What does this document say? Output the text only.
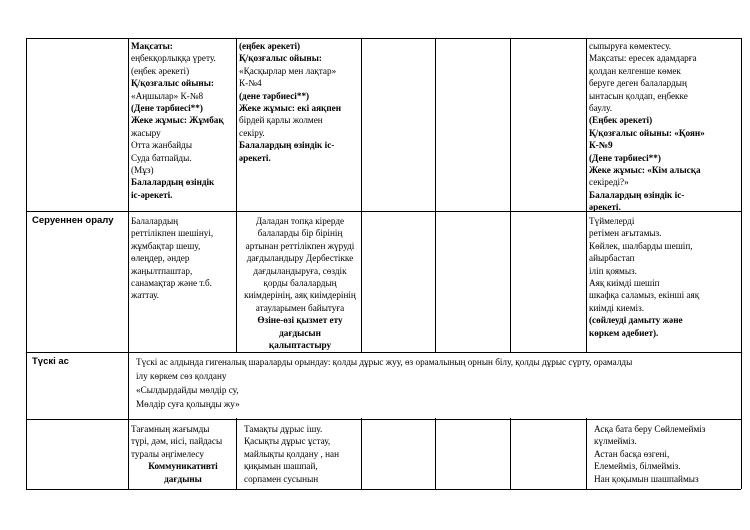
Мақсаты:
еңбекқорлыққа үрету.
(еңбек әрекеті)
Қ/қозғалыс ойыны:
«Аңшылар» К-№8
(Дене тәрбиесі**)
Жеке жұмыс: Жұмбақ
жасыру
Отта жанбайды
Суда батпайды.
(Мұз)
Балалардың өзіндік
іс-әрекеті.
(еңбек әрекеті)
Қ/қозғалыс ойыны:
«Қасқырлар мен лақтар»
К-№4
(дене тәрбиесі**)
Жеке жұмыс: екі аяқпен
бірдей қарлы жолмен
секіру.
Балалардың өзіндік іс-
әрекеті.
сыпыруға көмектесу.
Мақсаты: ересек адамдарға
қолдан келгенше көмек
беруге деген балалардың
ынтасын қолдап, еңбекке
баулу.
(Еңбек әрекеті)
Қ/қозғалыс ойыны: «Қоян»
К-№9
(Дене тәрбиесі**)
Жеке жұмыс: «Кім алысқа
секіреді?»
Балалардың өзіндік іс-
әрекеті.
Серуеннен оралу Балалардың
реттілікпен шешінуі,
жұмбақтар шешу,
өлеңдер, әндер
жаңылтпаштар,
санамақтар және т.б.
жаттау.
Даладан топқа кірерде
балаларды бір бірінің
артынан реттілікпен жүруді
дағдыландыру Дербестікке
дағдыландыруға, сөздік
қорды балалардың
киімдерінің, аяқ киімдерінің
атауларымен байытуға
Өзіне-өзі қызмет ету
дағдысын
қалыптастыру
Түймелерді
ретімен ағытамыз.
Көйлек, шалбарды шешіп,
айырбастап
іліп қоямыз.
Аяқ киімді шешіп
шкафқа саламыз, екінші аяқ
киімді киеміз.
(сөйлеуді дамыту және
көркем әдебиет).
Түскі ас	Түскі ас алдында гигеналық шараларды орындау: қолды дұрыс жуу, өз орамалының орнын білу, қолды дұрыс сүрту, орамалды
ілу көркем сөз қолдану
«Сылдырдайды мөлдір су,
Мөлдір суға қолыңды жу»
Тағамның жағымды
түрі, дәм, иісі, пайдасы
туралы әңгімелесу
Коммуникативті
дағдыны
Тамақты дұрыс ішу.
Қасықты дұрыс ұстау,
майлықты қолдану , нан
қиқымын шашпай,
сорпамен сусынын
Асқа бата беру Сөйлемейміз
күлмейміз.
Астан басқа өзгені,
Елемейміз, білмейміз.
Нан қоқымын шашпаймыз
